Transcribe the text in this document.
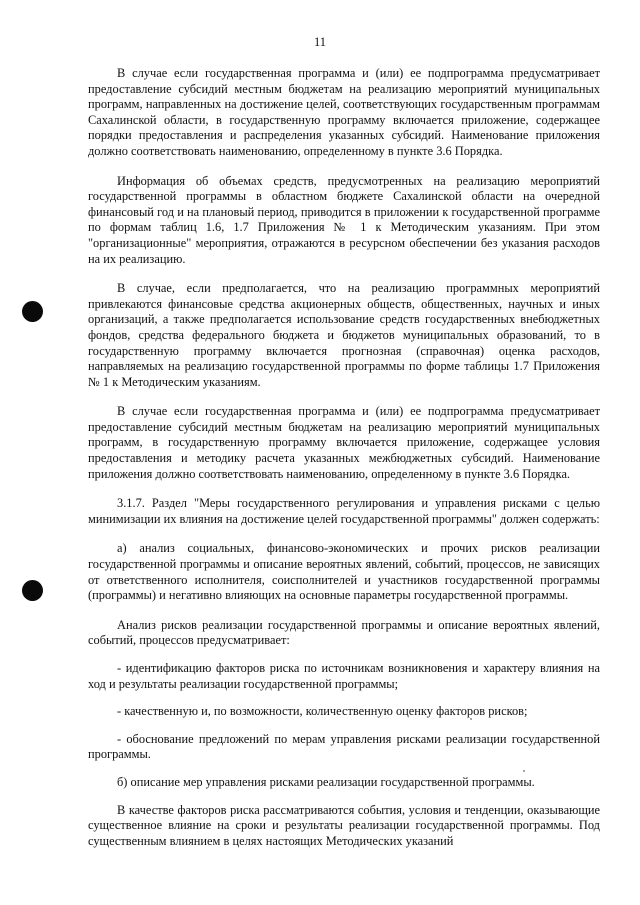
11

В случае если государственная программа и (или) ее подпрограмма предусматривает предоставление субсидий местным бюджетам на реализацию мероприятий муниципальных программ, направленных на достижение целей, соответствующих государственным программам Сахалинской области, в государственную программу включается приложение, содержащее порядки предоставления и распределения указанных субсидий. Наименование приложения должно соответствовать наименованию, определенному в пункте 3.6 Порядка.

Информация об объемах средств, предусмотренных на реализацию мероприятий государственной программы в областном бюджете Сахалинской области на очередной финансовый год и на плановый период, приводится в приложении к государственной программе по формам таблиц 1.6, 1.7 Приложения № 1 к Методическим указаниям. При этом "организационные" мероприятия, отражаются в ресурсном обеспечении без указания расходов на их реализацию.

В случае, если предполагается, что на реализацию программных мероприятий привлекаются финансовые средства акционерных обществ, общественных, научных и иных организаций, а также предполагается использование средств государственных внебюджетных фондов, средства федерального бюджета и бюджетов муниципальных образований, то в государственную программу включается прогнозная (справочная) оценка расходов, направляемых на реализацию государственной программы по форме таблицы 1.7 Приложения № 1 к Методическим указаниям.

В случае если государственная программа и (или) ее подпрограмма предусматривает предоставление субсидий местным бюджетам на реализацию мероприятий муниципальных программ, в государственную программу включается приложение, содержащее условия предоставления и методику расчета указанных межбюджетных субсидий. Наименование приложения должно соответствовать наименованию, определенному в пункте 3.6 Порядка.

3.1.7. Раздел "Меры государственного регулирования и управления рисками с целью минимизации их влияния на достижение целей государственной программы" должен содержать:

а) анализ социальных, финансово-экономических и прочих рисков реализации государственной программы и описание вероятных явлений, событий, процессов, не зависящих от ответственного исполнителя, соисполнителей и участников государственной программы (программы) и негативно влияющих на основные параметры государственной программы.

Анализ рисков реализации государственной программы и описание вероятных явлений, событий, процессов предусматривает:

- идентификацию факторов риска по источникам возникновения и характеру влияния на ход и результаты реализации государственной программы;

- качественную и, по возможности, количественную оценку факторов рисков;

- обоснование предложений по мерам управления рисками реализации государственной программы.

б) описание мер управления рисками реализации государственной программы.

В качестве факторов риска рассматриваются события, условия и тенденции, оказывающие существенное влияние на сроки и результаты реализации государственной программы. Под существенным влиянием в целях настоящих Методических указаний
